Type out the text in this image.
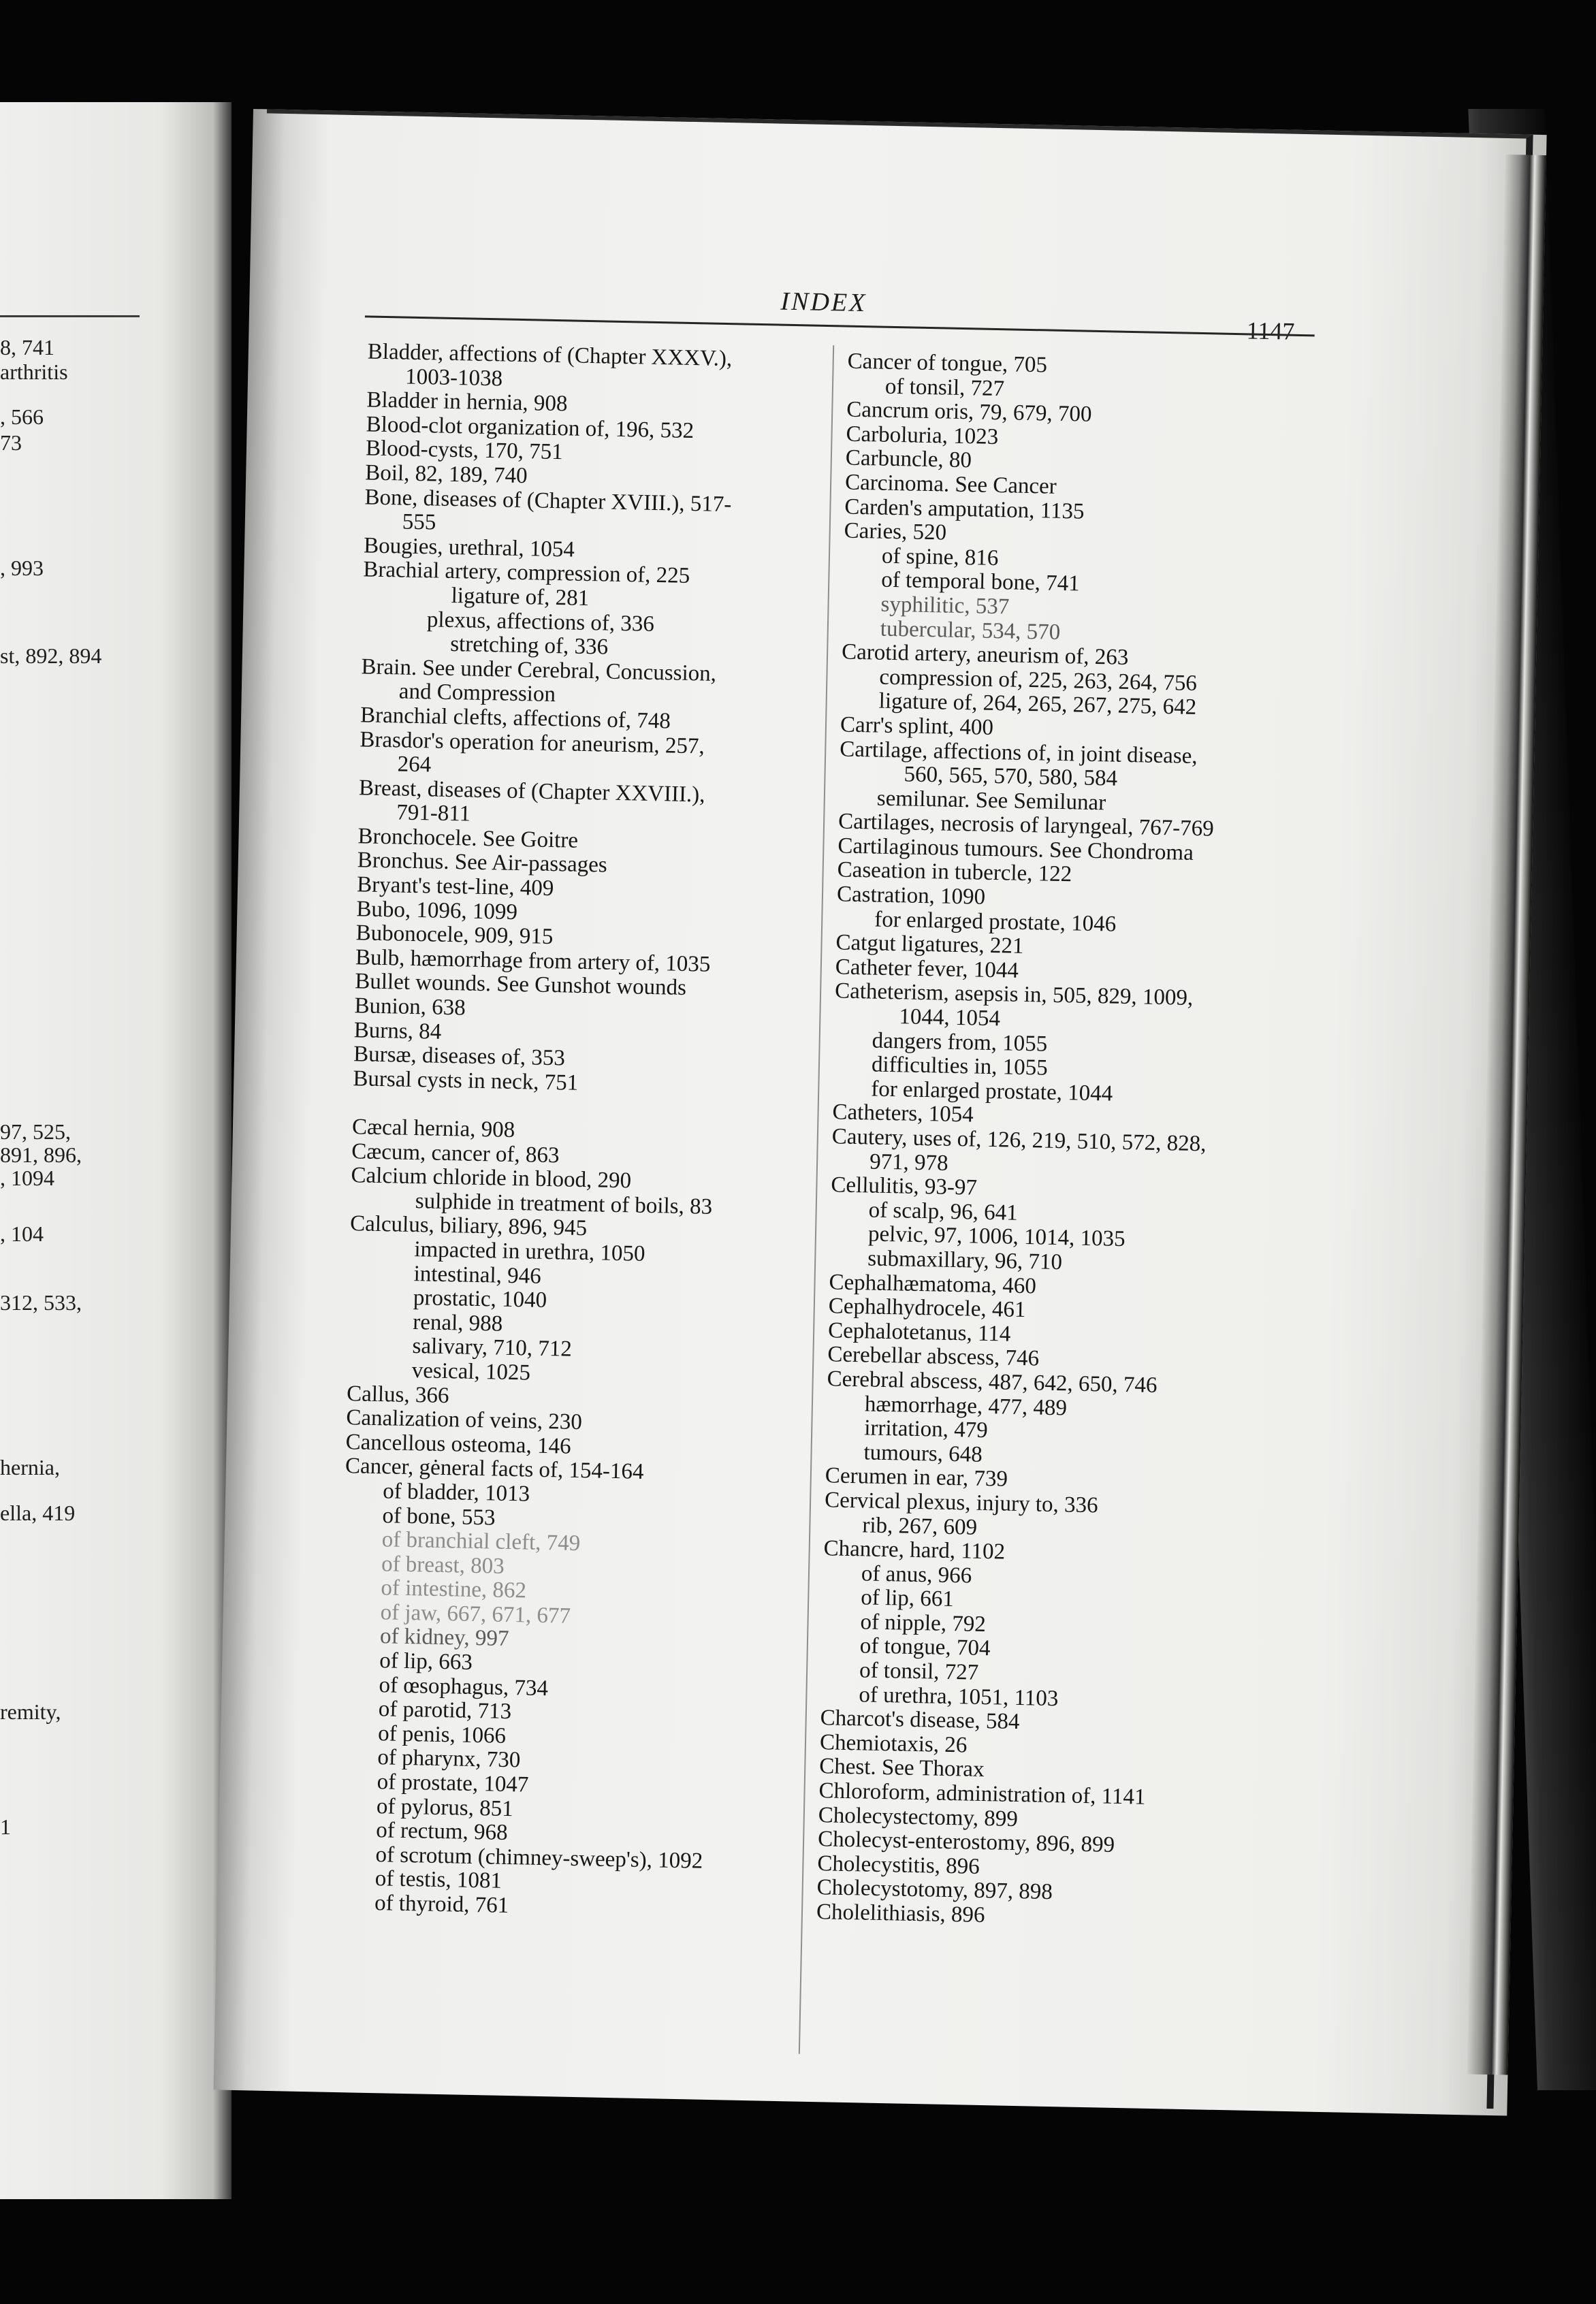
8, 741
arthritis
, 566
73
, 993
st, 892, 894
97, 525,
891, 896,
, 1094
, 104
312, 533,
hernia,
ella, 419
remity,
1
INDEX
1147
Bladder, affections of (Chapter XXXV.),
1003-1038
Bladder in hernia, 908
Blood-clot organization of, 196, 532
Blood-cysts, 170, 751
Boil, 82, 189, 740
Bone, diseases of (Chapter XVIII.), 517-
555
Bougies, urethral, 1054
Brachial artery, compression of, 225
ligature of, 281
plexus, affections of, 336
stretching of, 336
Brain. See under Cerebral, Concussion,
and Compression
Branchial clefts, affections of, 748
Brasdor's operation for aneurism, 257,
264
Breast, diseases of (Chapter XXVIII.),
791-811
Bronchocele. See Goitre
Bronchus. See Air-passages
Bryant's test-line, 409
Bubo, 1096, 1099
Bubonocele, 909, 915
Bulb, hæmorrhage from artery of, 1035
Bullet wounds. See Gunshot wounds
Bunion, 638
Burns, 84
Bursæ, diseases of, 353
Bursal cysts in neck, 751
Cæcal hernia, 908
Cæcum, cancer of, 863
Calcium chloride in blood, 290
sulphide in treatment of boils, 83
Calculus, biliary, 896, 945
impacted in urethra, 1050
intestinal, 946
prostatic, 1040
renal, 988
salivary, 710, 712
vesical, 1025
Callus, 366
Canalization of veins, 230
Cancellous osteoma, 146
Cancer, gėneral facts of, 154-164
of bladder, 1013
of bone, 553
of branchial cleft, 749
of breast, 803
of intestine, 862
of jaw, 667, 671, 677
of kidney, 997
of lip, 663
of œsophagus, 734
of parotid, 713
of penis, 1066
of pharynx, 730
of prostate, 1047
of pylorus, 851
of rectum, 968
of scrotum (chimney-sweep's), 1092
of testis, 1081
of thyroid, 761
Cancer of tongue, 705
of tonsil, 727
Cancrum oris, 79, 679, 700
Carboluria, 1023
Carbuncle, 80
Carcinoma. See Cancer
Carden's amputation, 1135
Caries, 520
of spine, 816
of temporal bone, 741
syphilitic, 537
tubercular, 534, 570
Carotid artery, aneurism of, 263
compression of, 225, 263, 264, 756
ligature of, 264, 265, 267, 275, 642
Carr's splint, 400
Cartilage, affections of, in joint disease,
560, 565, 570, 580, 584
semilunar. See Semilunar
Cartilages, necrosis of laryngeal, 767-769
Cartilaginous tumours. See Chondroma
Caseation in tubercle, 122
Castration, 1090
for enlarged prostate, 1046
Catgut ligatures, 221
Catheter fever, 1044
Catheterism, asepsis in, 505, 829, 1009,
1044, 1054
dangers from, 1055
difficulties in, 1055
for enlarged prostate, 1044
Catheters, 1054
Cautery, uses of, 126, 219, 510, 572, 828,
971, 978
Cellulitis, 93-97
of scalp, 96, 641
pelvic, 97, 1006, 1014, 1035
submaxillary, 96, 710
Cephalhæmatoma, 460
Cephalhydrocele, 461
Cephalotetanus, 114
Cerebellar abscess, 746
Cerebral abscess, 487, 642, 650, 746
hæmorrhage, 477, 489
irritation, 479
tumours, 648
Cerumen in ear, 739
Cervical plexus, injury to, 336
rib, 267, 609
Chancre, hard, 1102
of anus, 966
of lip, 661
of nipple, 792
of tongue, 704
of tonsil, 727
of urethra, 1051, 1103
Charcot's disease, 584
Chemiotaxis, 26
Chest. See Thorax
Chloroform, administration of, 1141
Cholecystectomy, 899
Cholecyst-enterostomy, 896, 899
Cholecystitis, 896
Cholecystotomy, 897, 898
Cholelithiasis, 896
